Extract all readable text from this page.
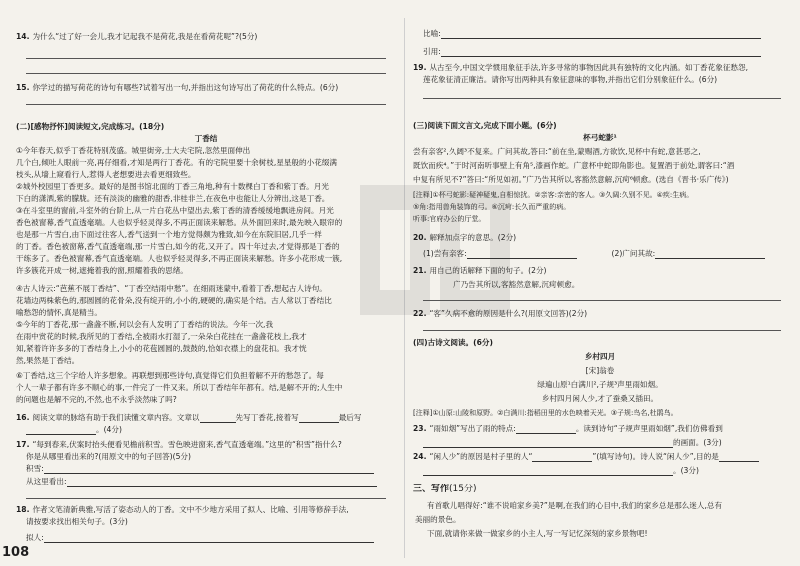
14. 为什么“过了好一会儿,我才记起我不是荷花,我是在看荷花呢”?(5分)
15. 你学过的描写荷花的诗句有哪些?试着写出一句,并指出这句诗写出了荷花的什么特点。(6分)
(二)[感物抒怀]阅读短文,完成练习。(18分)
丁香结
①今年春天,似乎丁香花特别茂盛。城里街旁,士大夫宅院,忽然里面伸出
几个白,倾吐人眼前一亮,再仔细看,才知是两行丁香花。有的宅院里要十余树枝,星星般的小花缀满
枝头,从墙上窥看行人,惹得人老想要进去看更细致些。
②城外校园里丁香更多。最好的是图书馆北面的丁香三角地,种有十数棵白丁香和紫丁香。月光
下白的潇洒,紫的朦胧。还有淡淡的幽雅的甜香,非桂非兰,在夜色中也能让人分辨出,这是丁香。
③在斗室里的窗前,斗室外的台阶上,从一片白花丛中望出去,紫丁香的清香缓缓地飘进房间。月光
香色被窗幕,香气直透毫端。人也似乎轻灵得多,不再正面读来解愁。从外面回来时,最先映入眼帘的
也是那一片雪白,由下面过往客人,香气送到一个地方觉得颇为雅致,如今在东院旧居,几乎一样
的丁香。香色被窗幕,香气直透毫端,那一片雪白,如今的花,又开了。四十年过去,才觉得那是丁香的
干练多了。香色被窗幕,香气直透毫端。人也似乎轻灵得多,不再正面读来解愁。许多小花形成一簇,
许多簇花开成一树,遮掩着我的窗,照耀着我的思绪。
④古人诗云:“芭蕉不展丁香结”、“丁香空结雨中愁”。在细雨迷蒙中,看着丁香,想起古人诗句。
花墙边两株紫色的,那圆圆的花骨朵,没有绽开的,小小的,硬硬的,确实是个结。古人常以丁香结比
喻愁怨的情怀,真是精当。
⑤今年的丁香花,那一盏盏不断,何以会有人发明了丁香结的说法。今年一次,我
在雨中赏花的时候,我所见的丁香结,全被雨水打湿了,一朵朵白花挂在一盏盏花枝上,我才
知,紧着许许多多的丁香结身上,小小的花苞圆圆的,鼓鼓的,恰如衣襟上的盘花扣。我才恍
然,果然是丁香结。
⑥丁香结,这三个字给人许多想象。再联想到那些诗句,真觉得它们负担着解不开的愁怨了。每
个人一辈子都有许多不顺心的事,一件完了一件又来。所以丁香结年年都有。结,是解不开的;人生中
的问题也是解不完的,不然,也不永乎淡然味了吗?
16. 阅读文章的脉络有助于我们读懂文章内容。文章以	先写丁香花,接着写	最后写
。(4分)
17. “每到春来,伏案时抬头便看见檐前积雪。雪色映进窗来,香气直透毫端。”这里的“积雪”指什么?
你是从哪里看出来的?(用原文中的句子回答)(5分)
积雪:
从这里看出:
18. 作者文笔清新典雅,写活了姿态动人的丁香。文中不少地方采用了拟人、比喻、引用等修辞手法,
请按要求找出相关句子。(3分)
拟人:
108
比喻:
引用:
19. 从古至今,中国文学惯用象征手法,许多寻常的事物因此具有独特的文化内涵。如丁香花象征愁怨,
莲花象征清正廉洁。请你写出两种具有象征意味的事物,并指出它们分别象征什么。(6分)
(三)阅读下面文言文,完成下面小题。(6分)
杯弓蛇影¹
尝有亲客²,久阔³不复来。广问其故,答曰:“前在坐,蒙赐酒,方欲饮,见杯中有蛇,意甚恶之,
既饮而疾⁴。”于时河南听事壁上有角⁵,漆画作蛇。广意杯中蛇即角影也。复置酒于前处,谓客曰:“酒
中复有所见不?”答曰:“所见如初。”广乃告其所以,客豁然意解,沉疴⁶顿愈。(选自《晋书·乐广传》)
[注释]①杯弓蛇影:疑神疑鬼,自相惊扰。②亲客:亲密的客人。③久阔:久别不见。④疾:生病。
⑤角:指用兽角装饰的弓。⑥沉疴:长久而严重的病。
听事:官府办公的厅堂。
20. 解释加点字的意思。(2分)
(1)尝有亲客:	(2)广问其故:
21. 用自己的话解释下面的句子。(2分)
广乃告其所以,客豁然意解,沉疴顿愈。
22. “客”久病不愈的原因是什么?(用原文回答)(2分)
(四)古诗文阅读。(6分)
乡村四月
[宋]翁卷
绿遍山原¹白满川²,子规³声里雨如烟。
乡村四月闲人少,才了蚕桑又插田。
[注释]①山原:山陵和原野。②白满川:指稻田里的水色映着天光。③子规:鸟名,杜鹃鸟。
23. “雨如烟”写出了雨的特点:	。读到诗句“子规声里雨如烟”,我们仿佛看到
的画面。(3分)
24. “闲人少”的原因是村子里的人“	”(填写诗句)。诗人说“闲人少”,目的是
。(3分)
三、写作(15分)
有首歌儿唱得好:“谁不说咱家乡美?”是啊,在我们的心目中,我们的家乡总是那么迷人,总有
美丽的景色。
下面,就请你来做一做家乡的小主人,写一写记忆深刻的家乡景物吧!
